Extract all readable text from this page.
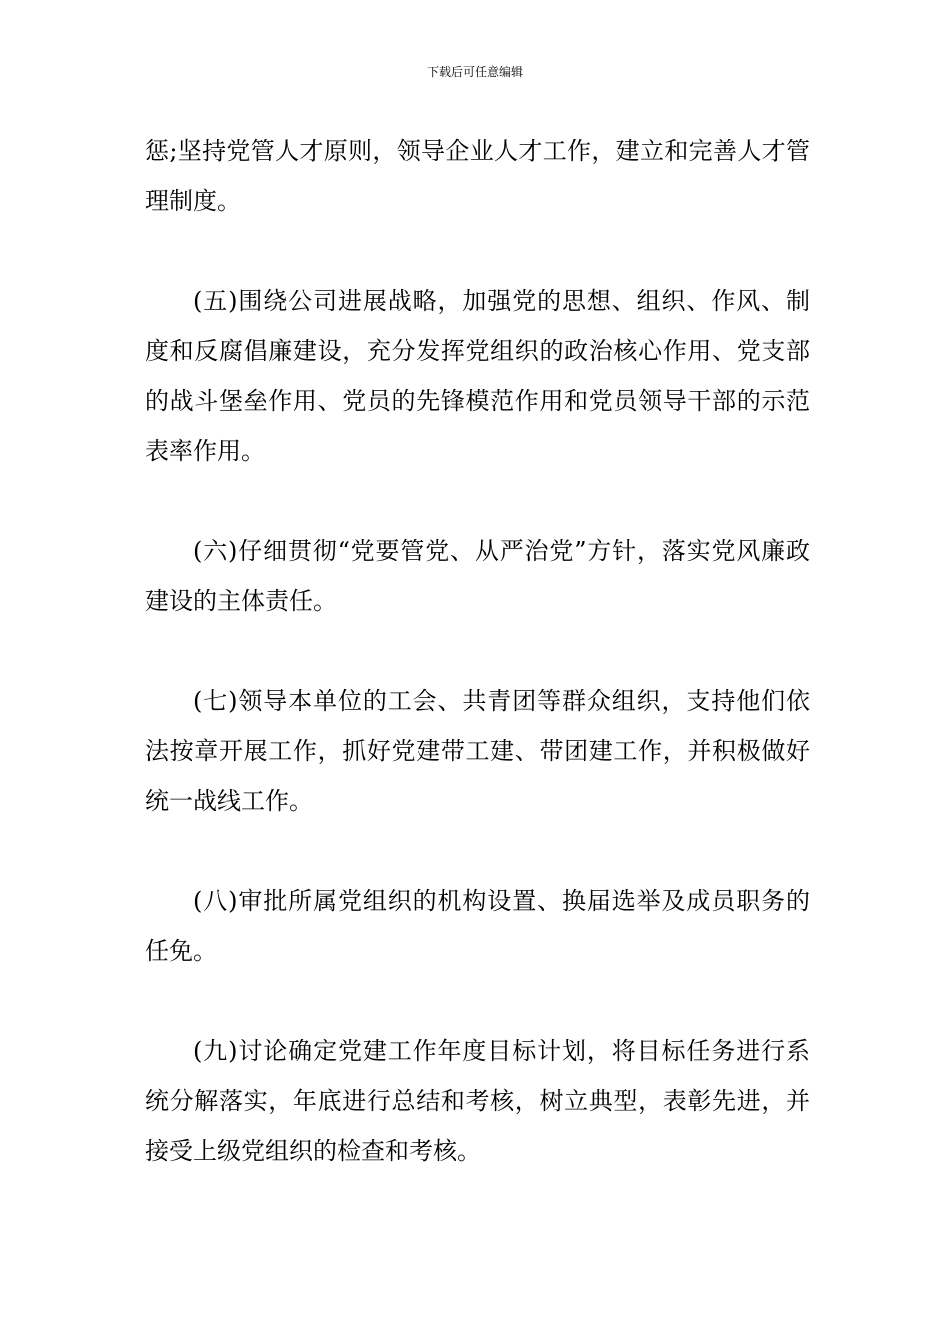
下载后可任意编辑

惩;坚持党管人才原则，领导企业人才工作，建立和完善人才管理制度。

(五)围绕公司进展战略，加强党的思想、组织、作风、制度和反腐倡廉建设，充分发挥党组织的政治核心作用、党支部的战斗堡垒作用、党员的先锋模范作用和党员领导干部的示范表率作用。

(六)仔细贯彻“党要管党、从严治党”方针，落实党风廉政建设的主体责任。

(七)领导本单位的工会、共青团等群众组织，支持他们依法按章开展工作，抓好党建带工建、带团建工作，并积极做好统一战线工作。

(八)审批所属党组织的机构设置、换届选举及成员职务的任免。

(九)讨论确定党建工作年度目标计划，将目标任务进行系统分解落实，年底进行总结和考核，树立典型，表彰先进，并接受上级党组织的检查和考核。
